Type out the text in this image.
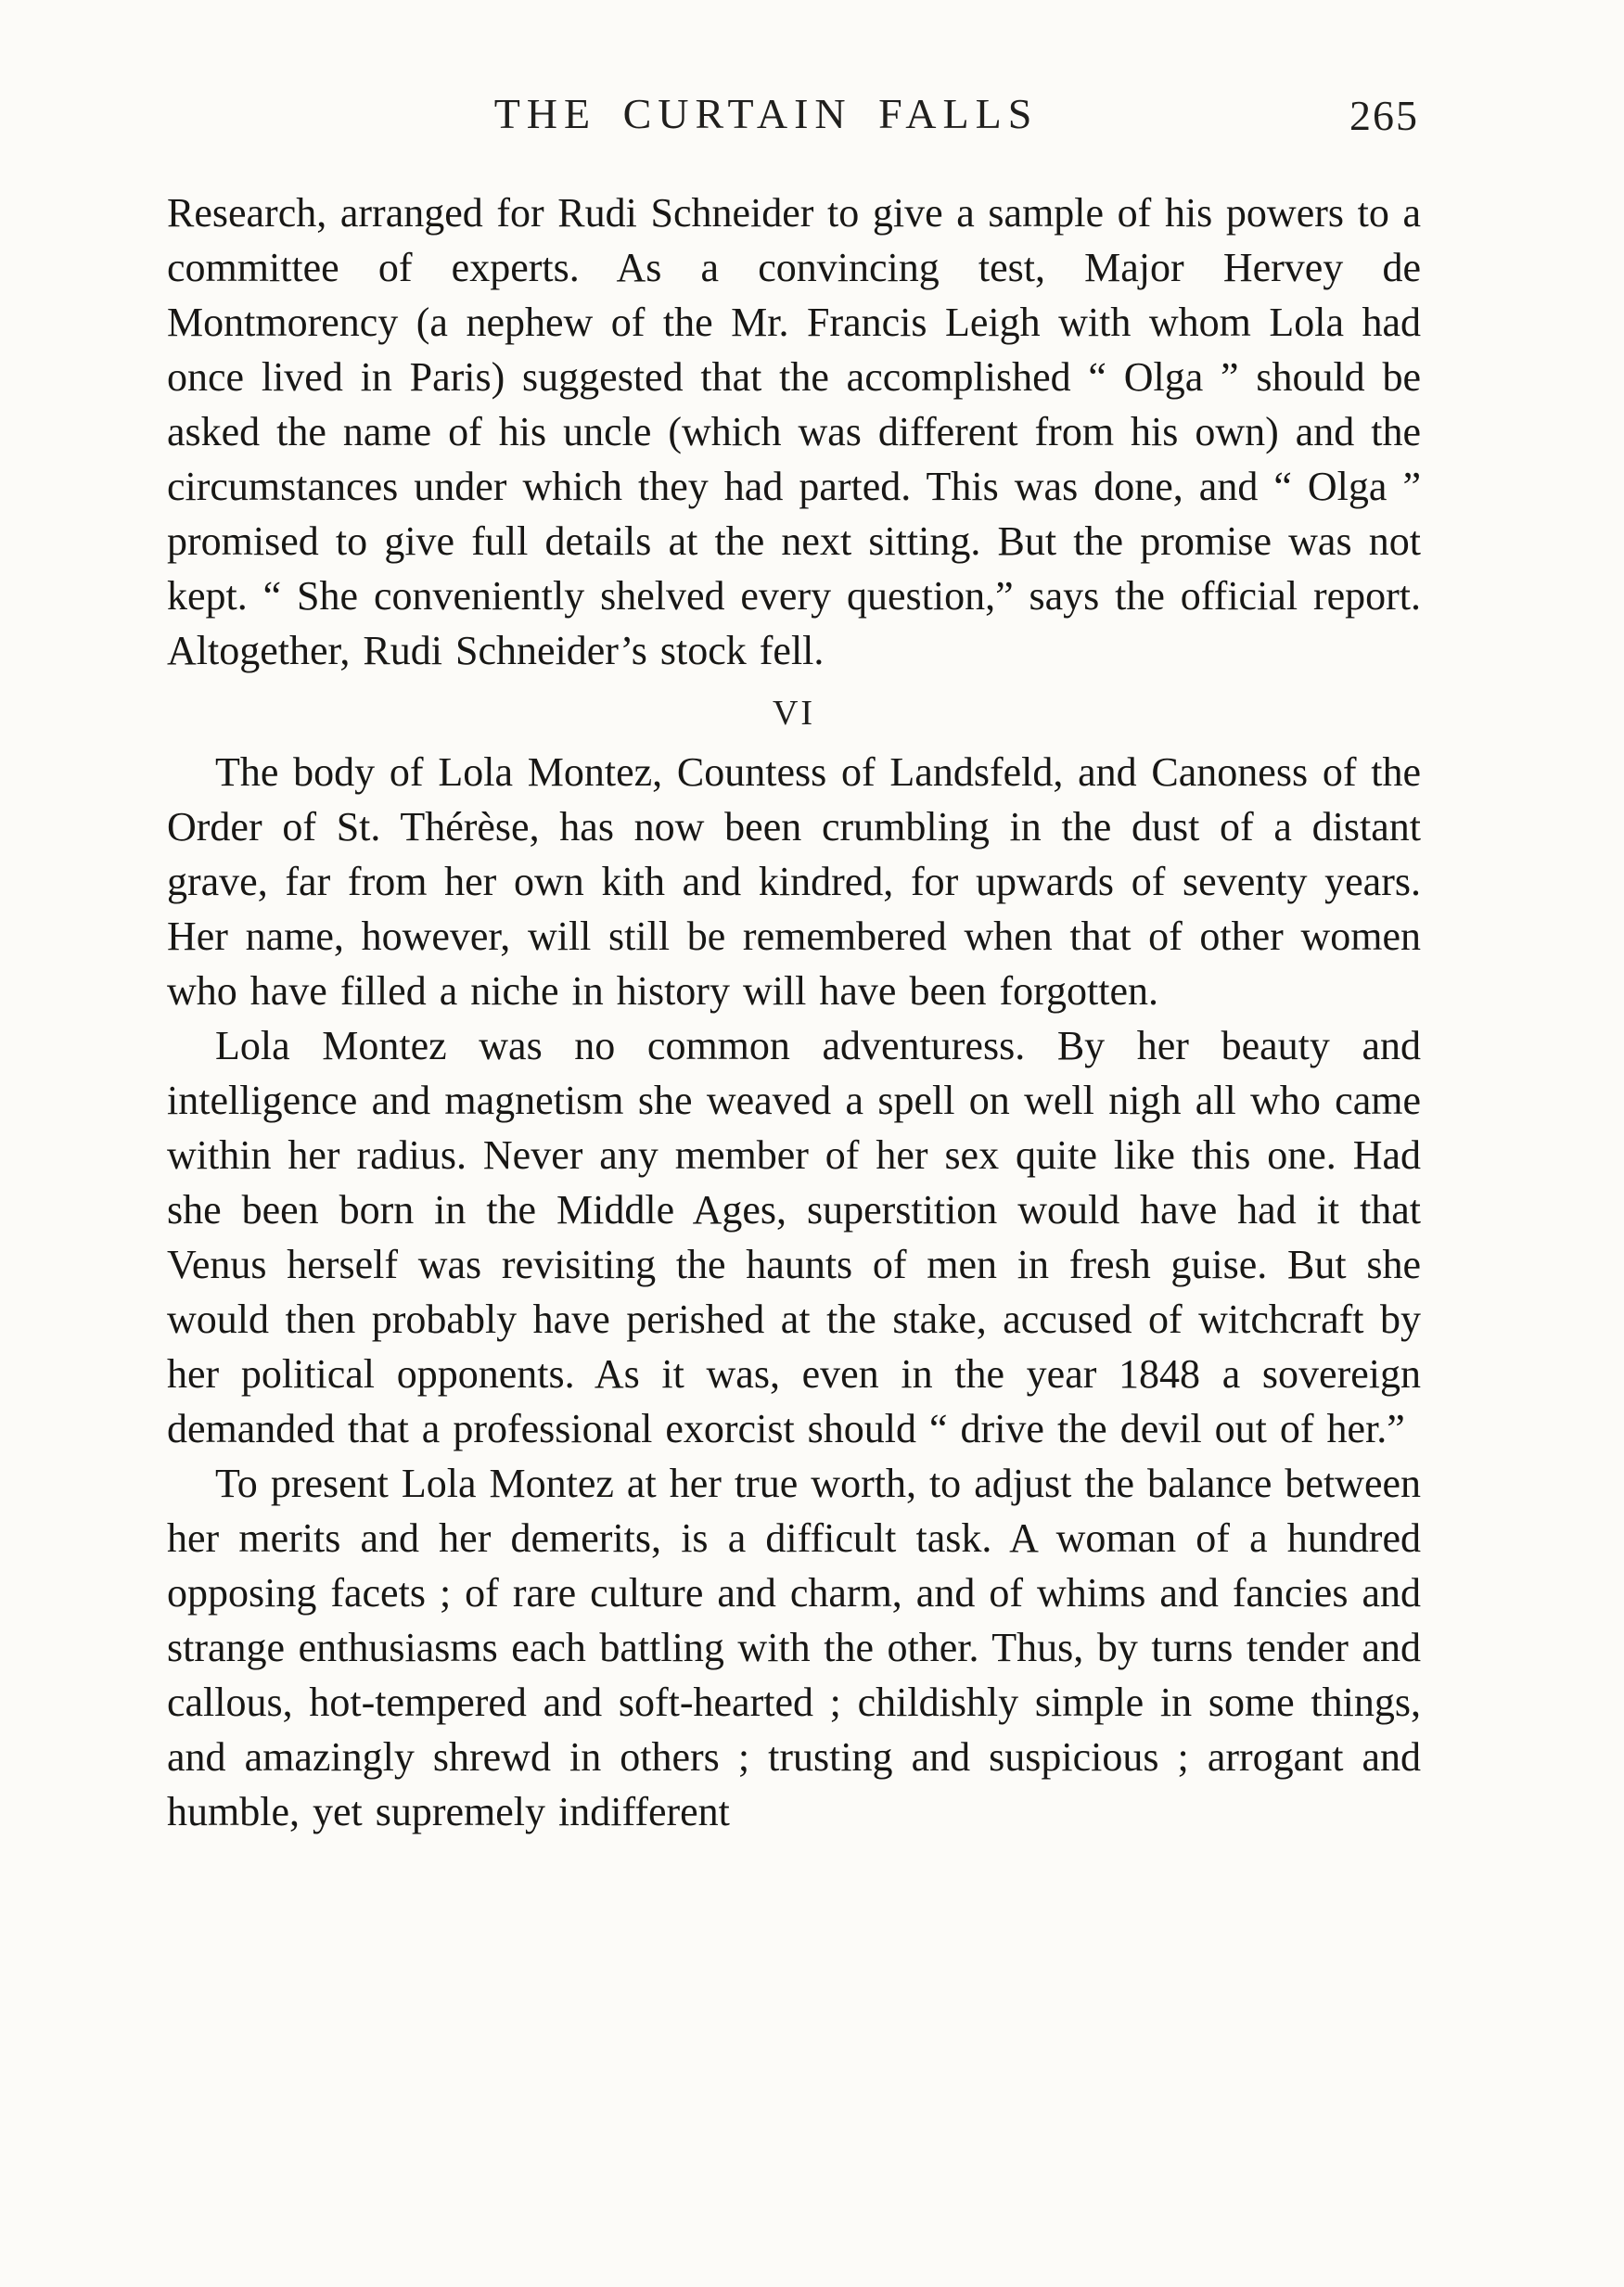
THE CURTAIN FALLS	265

Research, arranged for Rudi Schneider to give a sample of his powers to a committee of experts. As a convincing test, Major Hervey de Montmorency (a nephew of the Mr. Francis Leigh with whom Lola had once lived in Paris) suggested that the accomplished “ Olga ” should be asked the name of his uncle (which was different from his own) and the circumstances under which they had parted. This was done, and “ Olga ” promised to give full details at the next sitting. But the promise was not kept. “ She conveniently shelved every question,” says the official report. Altogether, Rudi Schneider’s stock fell.

VI

The body of Lola Montez, Countess of Landsfeld, and Canoness of the Order of St. Thérèse, has now been crumbling in the dust of a distant grave, far from her own kith and kindred, for upwards of seventy years. Her name, however, will still be remembered when that of other women who have filled a niche in history will have been forgotten.

Lola Montez was no common adventuress. By her beauty and intelligence and magnetism she weaved a spell on well nigh all who came within her radius. Never any member of her sex quite like this one. Had she been born in the Middle Ages, superstition would have had it that Venus herself was revisiting the haunts of men in fresh guise. But she would then probably have perished at the stake, accused of witchcraft by her political opponents. As it was, even in the year 1848 a sovereign demanded that a professional exorcist should “ drive the devil out of her.”

To present Lola Montez at her true worth, to adjust the balance between her merits and her demerits, is a difficult task. A woman of a hundred opposing facets ; of rare culture and charm, and of whims and fancies and strange enthusiasms each battling with the other. Thus, by turns tender and callous, hot-tempered and soft-hearted ; childishly simple in some things, and amazingly shrewd in others ; trusting and suspicious ; arrogant and humble, yet supremely indifferent
